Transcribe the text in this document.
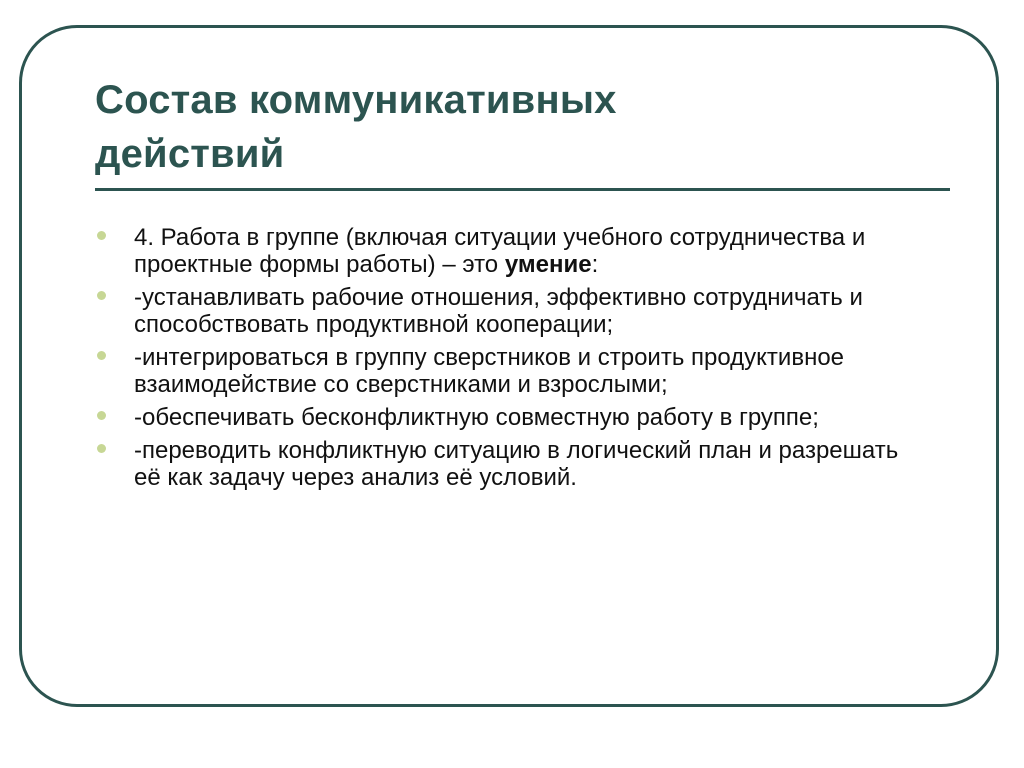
Состав коммуникативных
действий
4. Работа в группе (включая ситуации учебного сотрудничества и проектные формы работы) – это умение:
-устанавливать рабочие отношения, эффективно сотрудничать и способствовать продуктивной кооперации;
-интегрироваться в группу сверстников и строить продуктивное взаимодействие со сверстниками и взрослыми;
-обеспечивать бесконфликтную совместную работу в группе;
-переводить конфликтную ситуацию в логический план и разрешать её как задачу через анализ её условий.
